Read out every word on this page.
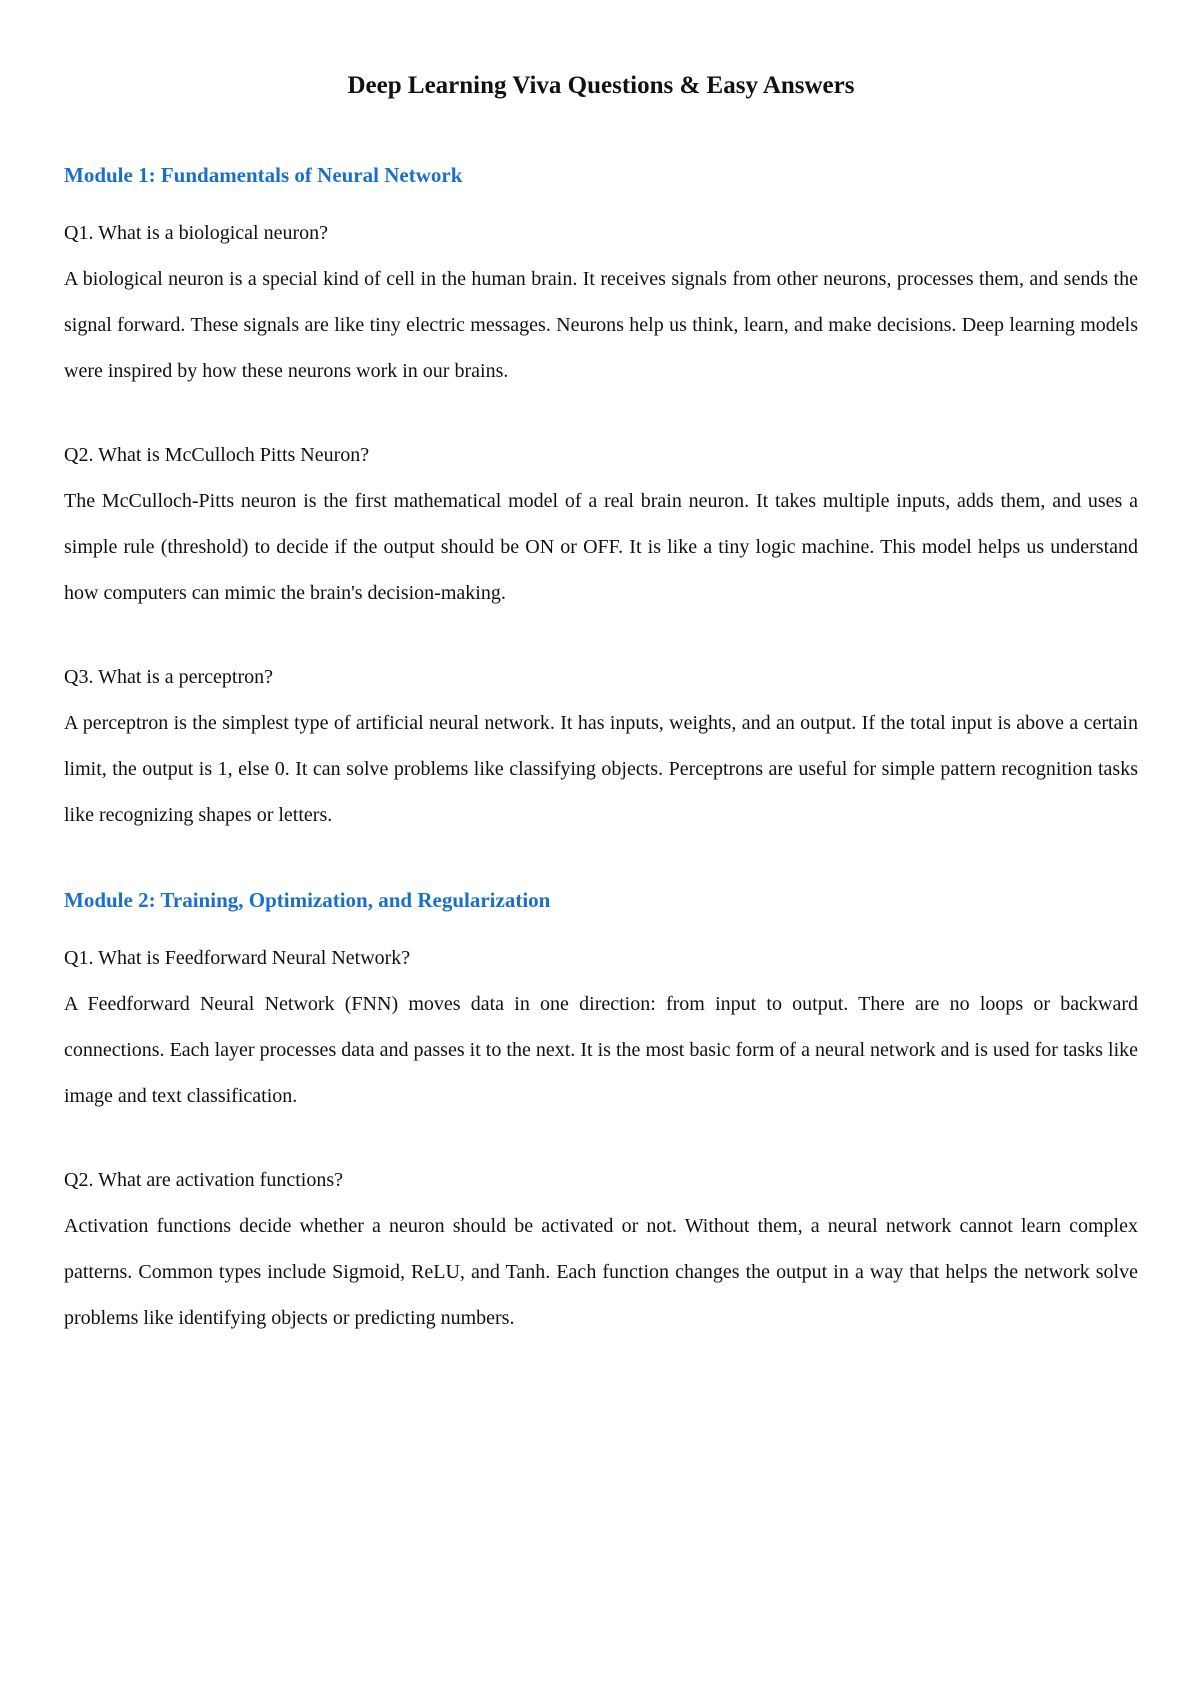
Deep Learning Viva Questions & Easy Answers
Module 1: Fundamentals of Neural Network

Q1. What is a biological neuron?

A biological neuron is a special kind of cell in the human brain. It receives signals from other neurons, processes them, and sends the signal forward. These signals are like tiny electric messages. Neurons help us think, learn, and make decisions. Deep learning models were inspired by how these neurons work in our brains.

Q2. What is McCulloch Pitts Neuron?

The McCulloch-Pitts neuron is the first mathematical model of a real brain neuron. It takes multiple inputs, adds them, and uses a simple rule (threshold) to decide if the output should be ON or OFF. It is like a tiny logic machine. This model helps us understand how computers can mimic the brain's decision-making.

Q3. What is a perceptron?

A perceptron is the simplest type of artificial neural network. It has inputs, weights, and an output. If the total input is above a certain limit, the output is 1, else 0. It can solve problems like classifying objects. Perceptrons are useful for simple pattern recognition tasks like recognizing shapes or letters.

Module 2: Training, Optimization, and Regularization

Q1. What is Feedforward Neural Network?

A Feedforward Neural Network (FNN) moves data in one direction: from input to output. There are no loops or backward connections. Each layer processes data and passes it to the next. It is the most basic form of a neural network and is used for tasks like image and text classification.

Q2. What are activation functions?

Activation functions decide whether a neuron should be activated or not. Without them, a neural network cannot learn complex patterns. Common types include Sigmoid, ReLU, and Tanh. Each function changes the output in a way that helps the network solve problems like identifying objects or predicting numbers.
